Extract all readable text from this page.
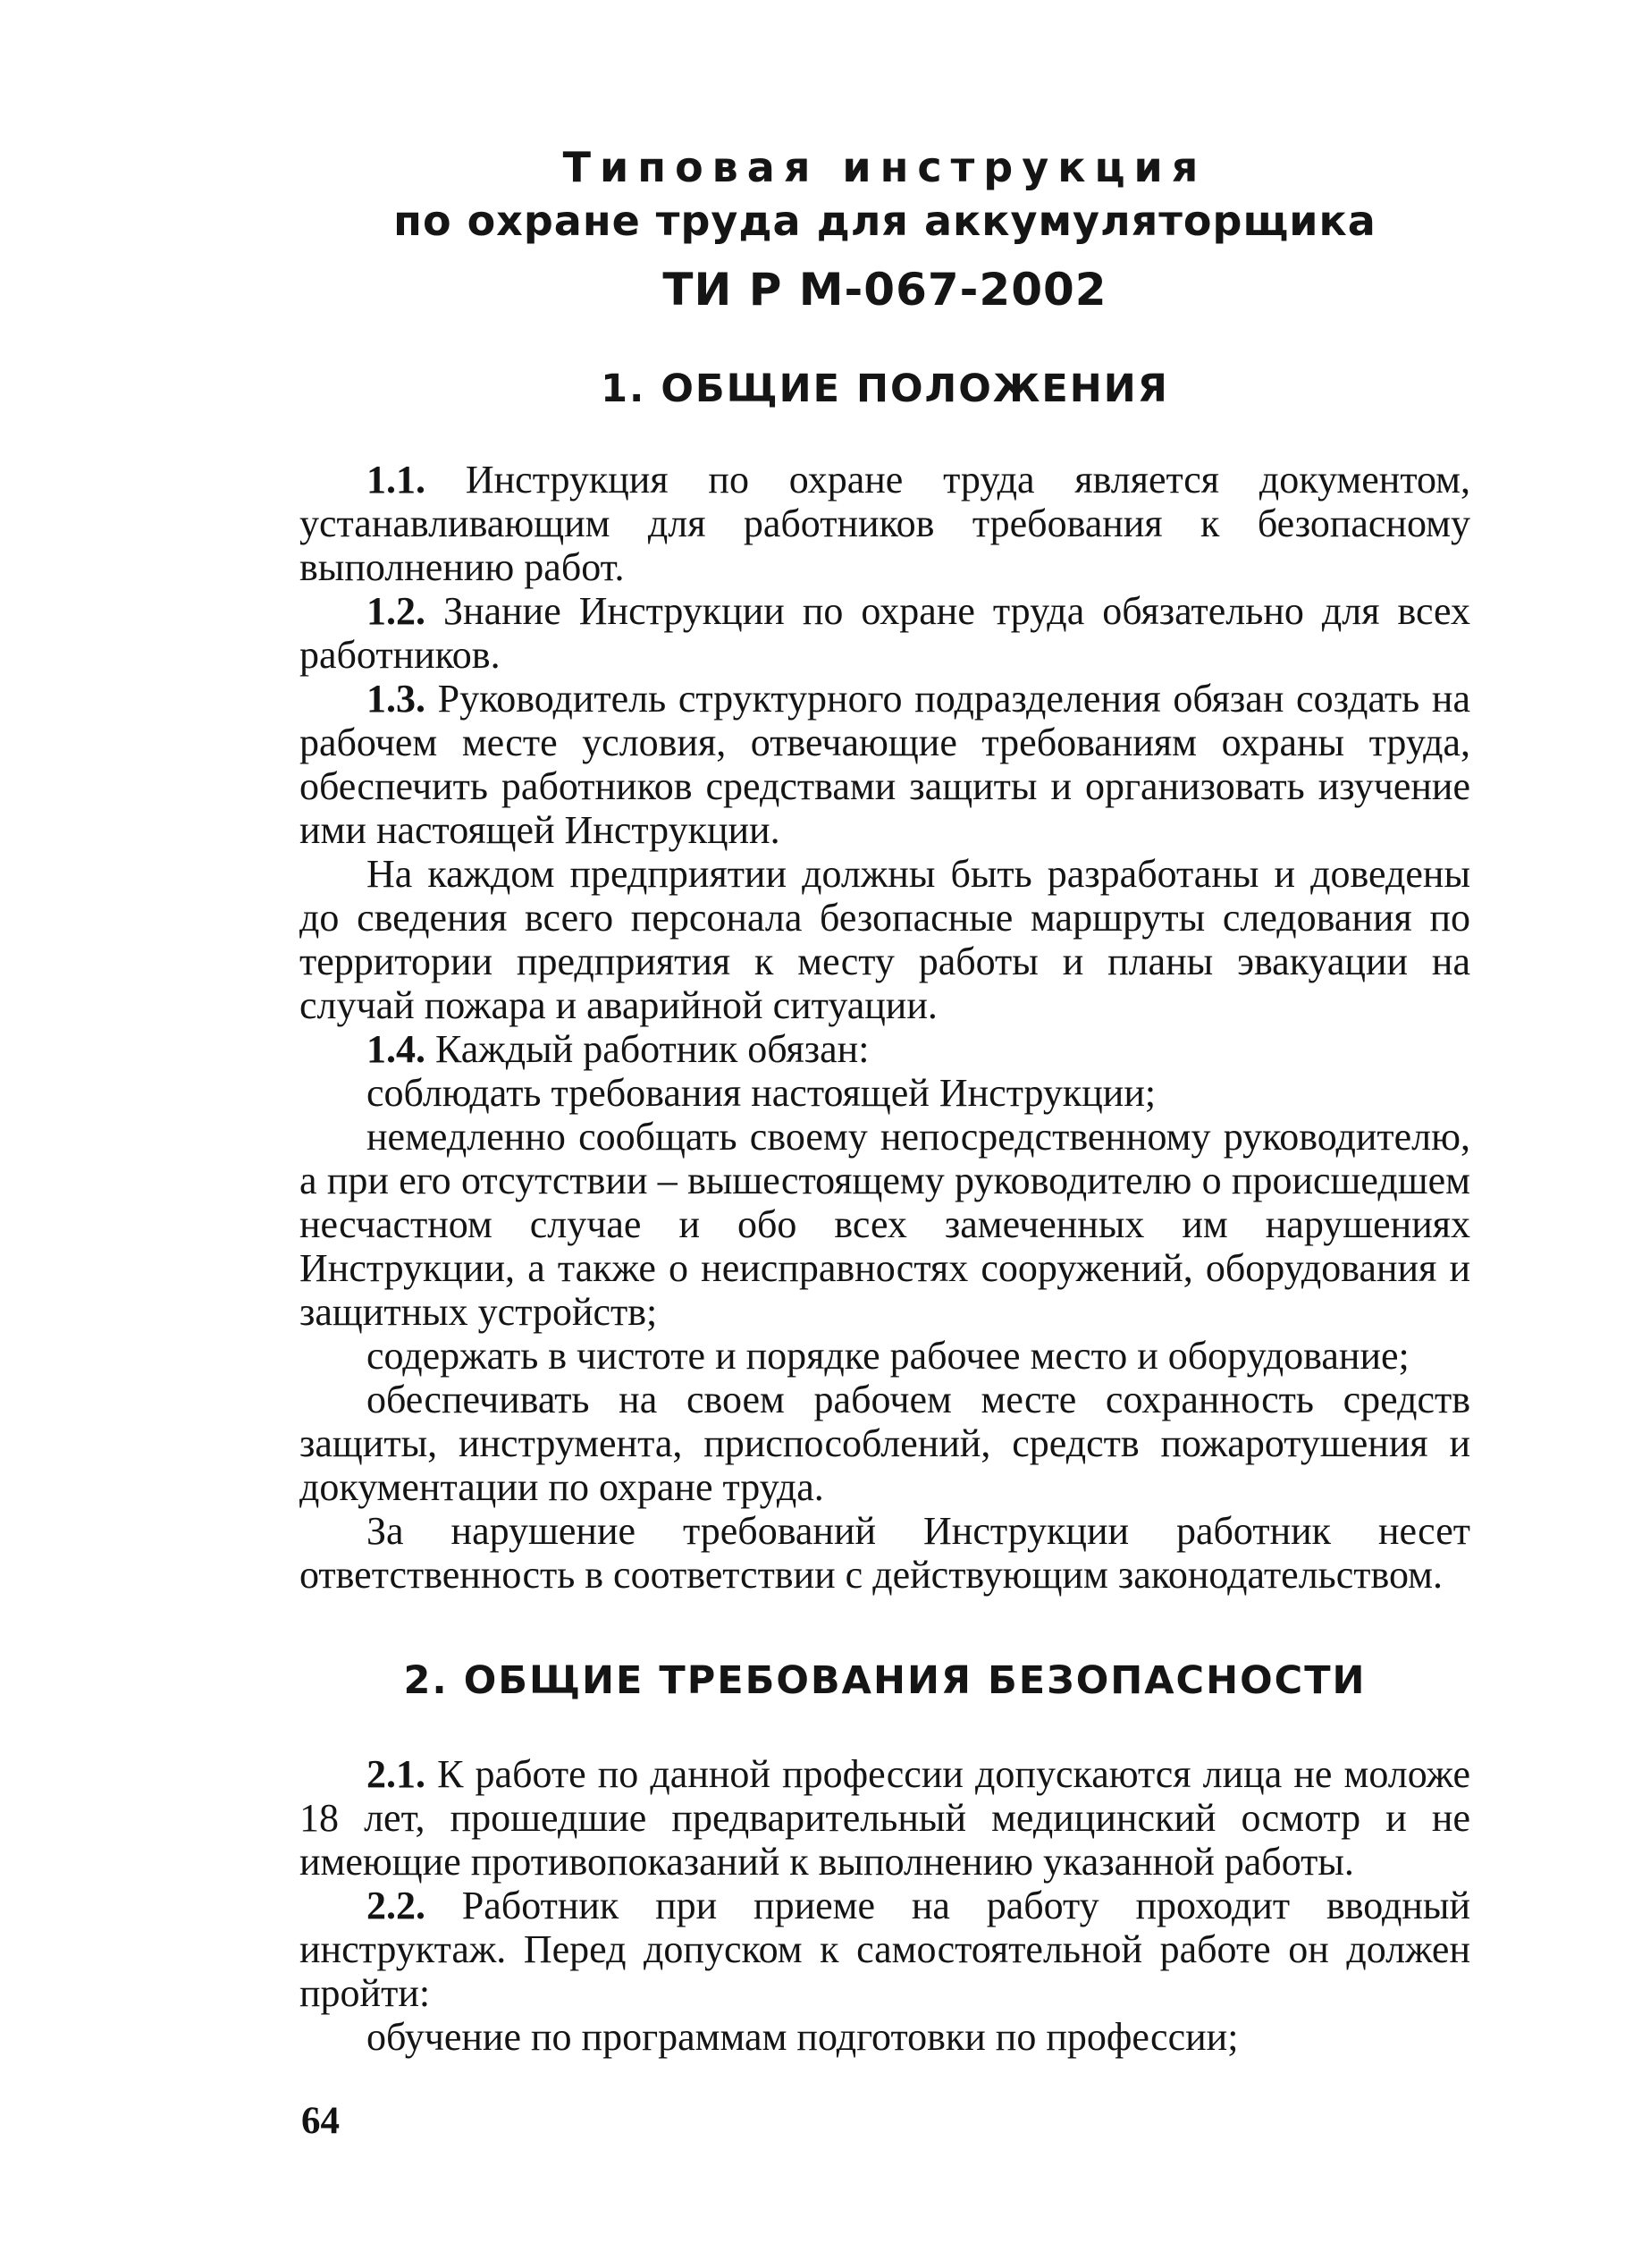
Типовая инструкция
по охране труда для аккумуляторщика
ТИ Р М-067-2002
1. ОБЩИЕ ПОЛОЖЕНИЯ

1.1. Инструкция по охране труда является документом, устанавливающим для работников требования к безопасному выполнению работ.

1.2. Знание Инструкции по охране труда обязательно для всех работников.

1.3. Руководитель структурного подразделения обязан создать на рабочем месте условия, отвечающие требованиям охраны труда, обеспечить работников средствами защиты и организовать изучение ими настоящей Инструкции.

На каждом предприятии должны быть разработаны и доведены до сведения всего персонала безопасные маршруты следования по территории предприятия к месту работы и планы эвакуации на случай пожара и аварийной ситуации.

1.4. Каждый работник обязан:

соблюдать требования настоящей Инструкции;

немедленно сообщать своему непосредственному руководителю, а при его отсутствии – вышестоящему руководителю о происшедшем несчастном случае и обо всех замеченных им нарушениях Инструкции, а также о неисправностях сооружений, оборудования и защитных устройств;

содержать в чистоте и порядке рабочее место и оборудование;

обеспечивать на своем рабочем месте сохранность средств защиты, инструмента, приспособлений, средств пожаротушения и документации по охране труда.

За нарушение требований Инструкции работник несет ответственность в соответствии с действующим законодательством.

2. ОБЩИЕ ТРЕБОВАНИЯ БЕЗОПАСНОСТИ

2.1. К работе по данной профессии допускаются лица не моложе 18 лет, прошедшие предварительный медицинский осмотр и не имеющие противопоказаний к выполнению указанной работы.

2.2. Работник при приеме на работу проходит вводный инструктаж. Перед допуском к самостоятельной работе он должен пройти:

обучение по программам подготовки по профессии;

64
